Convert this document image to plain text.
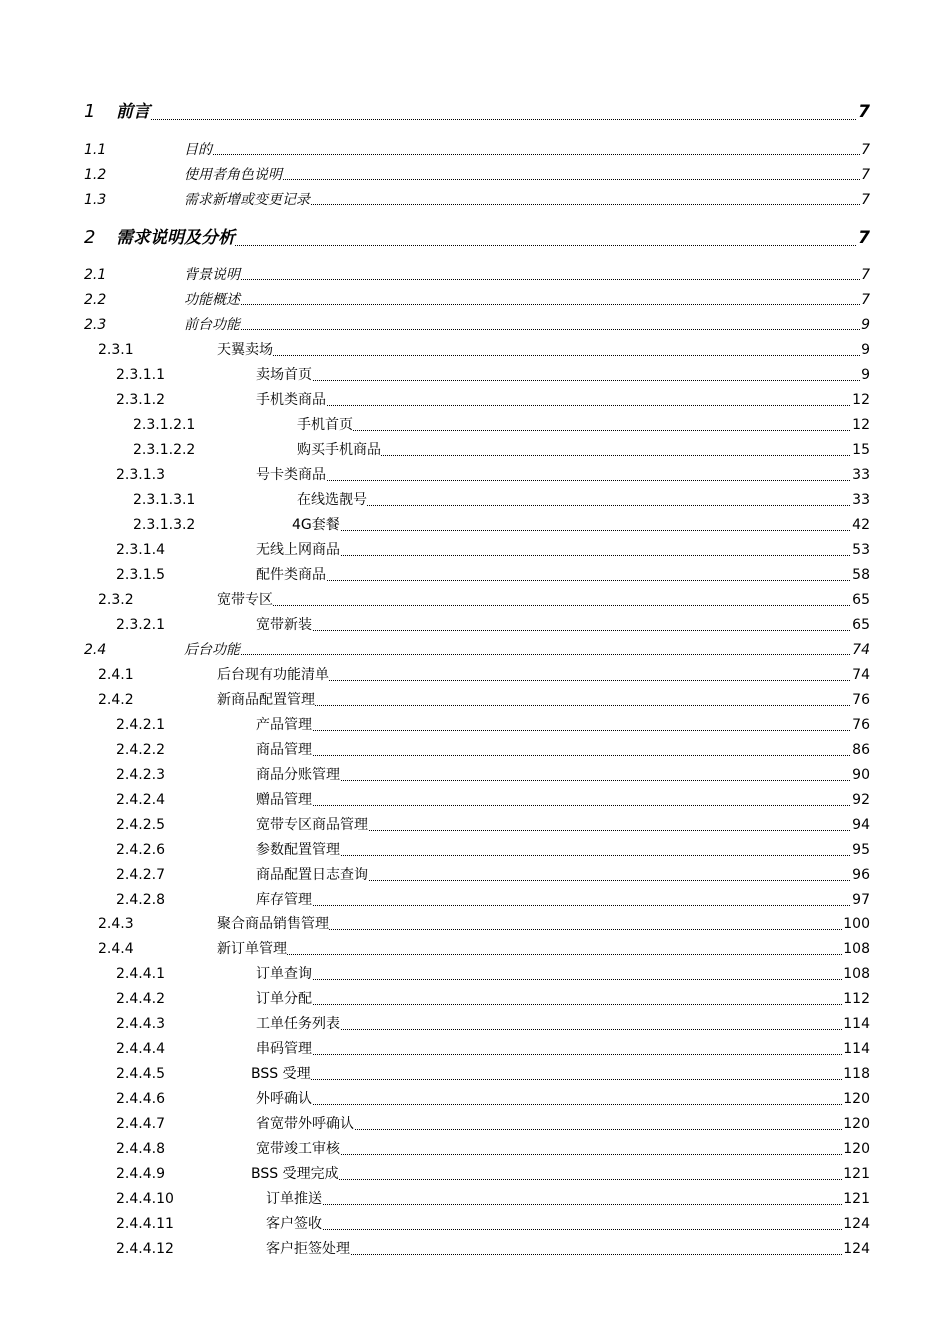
1 前言	7
1.1	目的	7
1.2	使用者角色说明	7
1.3	需求新增或变更记录	7
2 需求说明及分析	7
2.1	背景说明	7
2.2	功能概述	7
2.3	前台功能	9
2.3.1	天翼卖场	9
2.3.1.1	卖场首页	9
2.3.1.2	手机类商品	12
2.3.1.2.1	手机首页	12
2.3.1.2.2	购买手机商品	15
2.3.1.3	号卡类商品	33
2.3.1.3.1	在线选靓号	33
2.3.1.3.2	4G套餐	42
2.3.1.4	无线上网商品	53
2.3.1.5	配件类商品	58
2.3.2	宽带专区	65
2.3.2.1	宽带新装	65
2.4	后台功能	74
2.4.1	后台现有功能清单	74
2.4.2	新商品配置管理	76
2.4.2.1	产品管理	76
2.4.2.2	商品管理	86
2.4.2.3	商品分账管理	90
2.4.2.4	赠品管理	92
2.4.2.5	宽带专区商品管理	94
2.4.2.6	参数配置管理	95
2.4.2.7	商品配置日志查询	96
2.4.2.8	库存管理	97
2.4.3	聚合商品销售管理	100
2.4.4	新订单管理	108
2.4.4.1	订单查询	108
2.4.4.2	订单分配	112
2.4.4.3	工单任务列表	114
2.4.4.4	串码管理	114
2.4.4.5	BSS 受理	118
2.4.4.6	外呼确认	120
2.4.4.7	省宽带外呼确认	120
2.4.4.8	宽带竣工审核	120
2.4.4.9	BSS 受理完成	121
2.4.4.10	订单推送	121
2.4.4.11	客户签收	124
2.4.4.12	客户拒签处理	124
